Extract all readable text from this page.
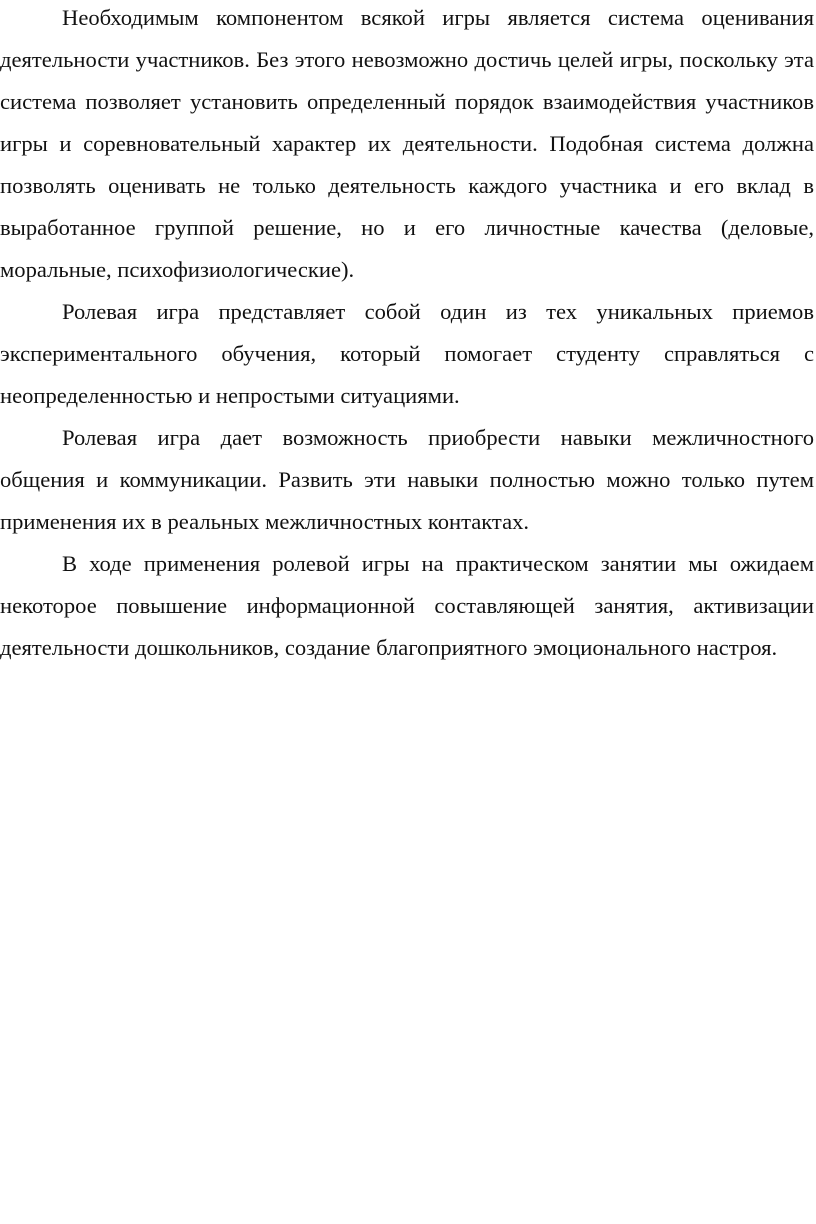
Необходимым компонентом всякой игры является система оценивания деятельности участников. Без этого невозможно достичь целей игры, поскольку эта система позволяет установить определенный порядок взаимодействия участников игры и соревновательный характер их деятельности. Подобная система должна позволять оценивать не только деятельность каждого участника и его вклад в выработанное группой решение, но и его личностные качества (деловые, моральные, психофизиологические).

Ролевая игра представляет собой один из тех уникальных приемов экспериментального обучения, который помогает студенту справляться с неопределенностью и непростыми ситуациями.

Ролевая игра дает возможность приобрести навыки межличностного общения и коммуникации. Развить эти навыки полностью можно только путем применения их в реальных межличностных контактах.

В ходе применения ролевой игры на практическом занятии мы ожидаем некоторое повышение информационной составляющей занятия, активизации деятельности дошкольников, создание благоприятного эмоционального настроя.
